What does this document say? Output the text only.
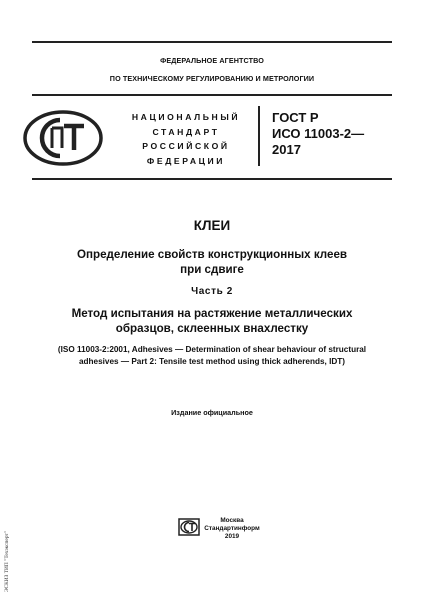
ФЕДЕРАЛЬНОЕ АГЕНТСТВО
ПО ТЕХНИЧЕСКОМУ РЕГУЛИРОВАНИЮ И МЕТРОЛОГИИ
НАЦИОНАЛЬНЫЙ
СТАНДАРТ
РОССИЙСКОЙ
ФЕДЕРАЦИИ
ГОСТ Р
ИСО 11003-2—
2017
КЛЕИ
Определение свойств конструкционных клеев
при сдвиге
Часть 2
Метод испытания на растяжение металлических
образцов, склеенных внахлестку
(ISO 11003-2:2001, Adhesives — Determination of shear behaviour of structural
adhesives — Part 2: Tensile test method using thick adherends, IDT)
Издание официальное
Москва
Стандартинформ
2019
ЭСКИЗ ТИП "Техэксперт"
